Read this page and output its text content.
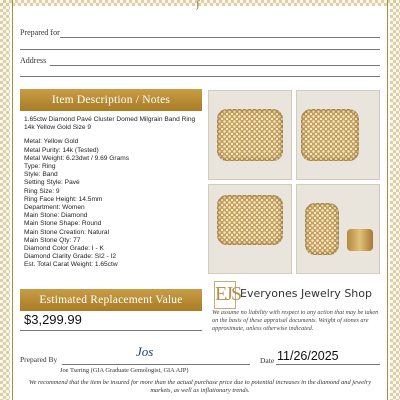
ʃ
Prepared for
Address
Item Description / Notes
1.65ctw Diamond Pavé Cluster Domed Milgrain Band Ring 14k Yellow Gold Size 9
Metal: Yellow Gold
Metal Purity: 14k (Tested)
Metal Weight: 6.23dwt / 9.69 Grams
Type: Ring
Style: Band
Setting Style: Pavé
Ring Size: 9
Ring Face Height: 14.5mm
Department: Women
Main Stone: Diamond
Main Stone Shape: Round
Main Stone Creation: Natural
Main Stone Qty: 77
Diamond Color Grade: I - K
Diamond Clarity Grade: SI2 - I2
Est. Total Carat Weight: 1.65ctw
Estimated Replacement Value
$3,299.99
EJS Everyones Jewelry Shop
We assume no liability with respect to any action that may be taken on the basis of these appraisal documents. Weight of stones are approximate, unless otherwise indicated.
Prepared By
Jos
Joe Tsering (GIA Graduate Gemologist, GIA AJP)
Date 11/26/2025
We recommend that the item be insured for more than the actual purchase price due to potential increases in the diamond and jewelry markets, as well as inflationary trends.
